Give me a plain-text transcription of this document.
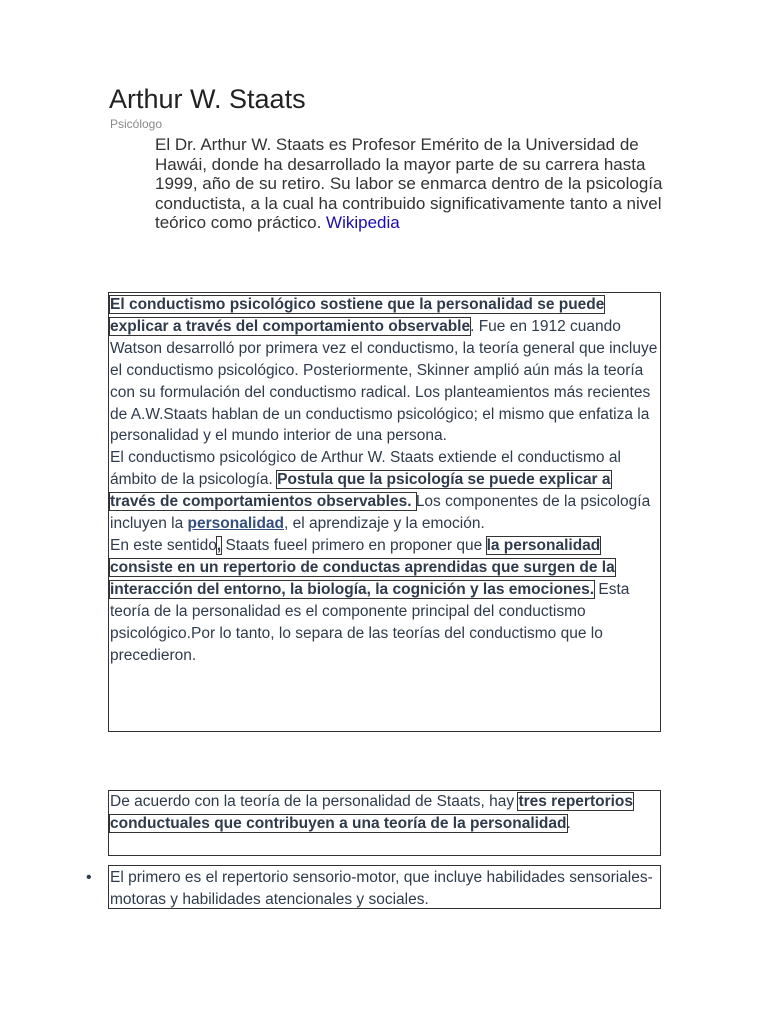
Arthur W. Staats
Psicólogo
El Dr. Arthur W. Staats es Profesor Emérito de la Universidad de Hawái, donde ha desarrollado la mayor parte de su carrera hasta 1999, año de su retiro. Su labor se enmarca dentro de la psicología conductista, a la cual ha contribuido significativamente tanto a nivel teórico como práctico. Wikipedia

El conductismo psicológico sostiene que la personalidad se puede explicar a través del comportamiento observable. Fue en 1912 cuando Watson desarrolló por primera vez el conductismo, la teoría general que incluye el conductismo psicológico. Posteriormente, Skinner amplió aún más la teoría con su formulación del conductismo radical. Los planteamientos más recientes de A.W.Staats hablan de un conductismo psicológico; el mismo que enfatiza la personalidad y el mundo interior de una persona.

El conductismo psicológico de Arthur W. Staats extiende el conductismo al ámbito de la psicología. Postula que la psicología se puede explicar a través de comportamientos observables. Los componentes de la psicología incluyen la personalidad, el aprendizaje y la emoción.

En este sentido, Staats fueel primero en proponer que la personalidad consiste en un repertorio de conductas aprendidas que surgen de la interacción del entorno, la biología, la cognición y las emociones. Esta teoría de la personalidad es el componente principal del conductismo psicológico.Por lo tanto, lo separa de las teorías del conductismo que lo precedieron.

De acuerdo con la teoría de la personalidad de Staats, hay tres repertorios conductuales que contribuyen a una teoría de la personalidad.

• El primero es el repertorio sensorio-motor, que incluye habilidades sensoriales-motoras y habilidades atencionales y sociales.
